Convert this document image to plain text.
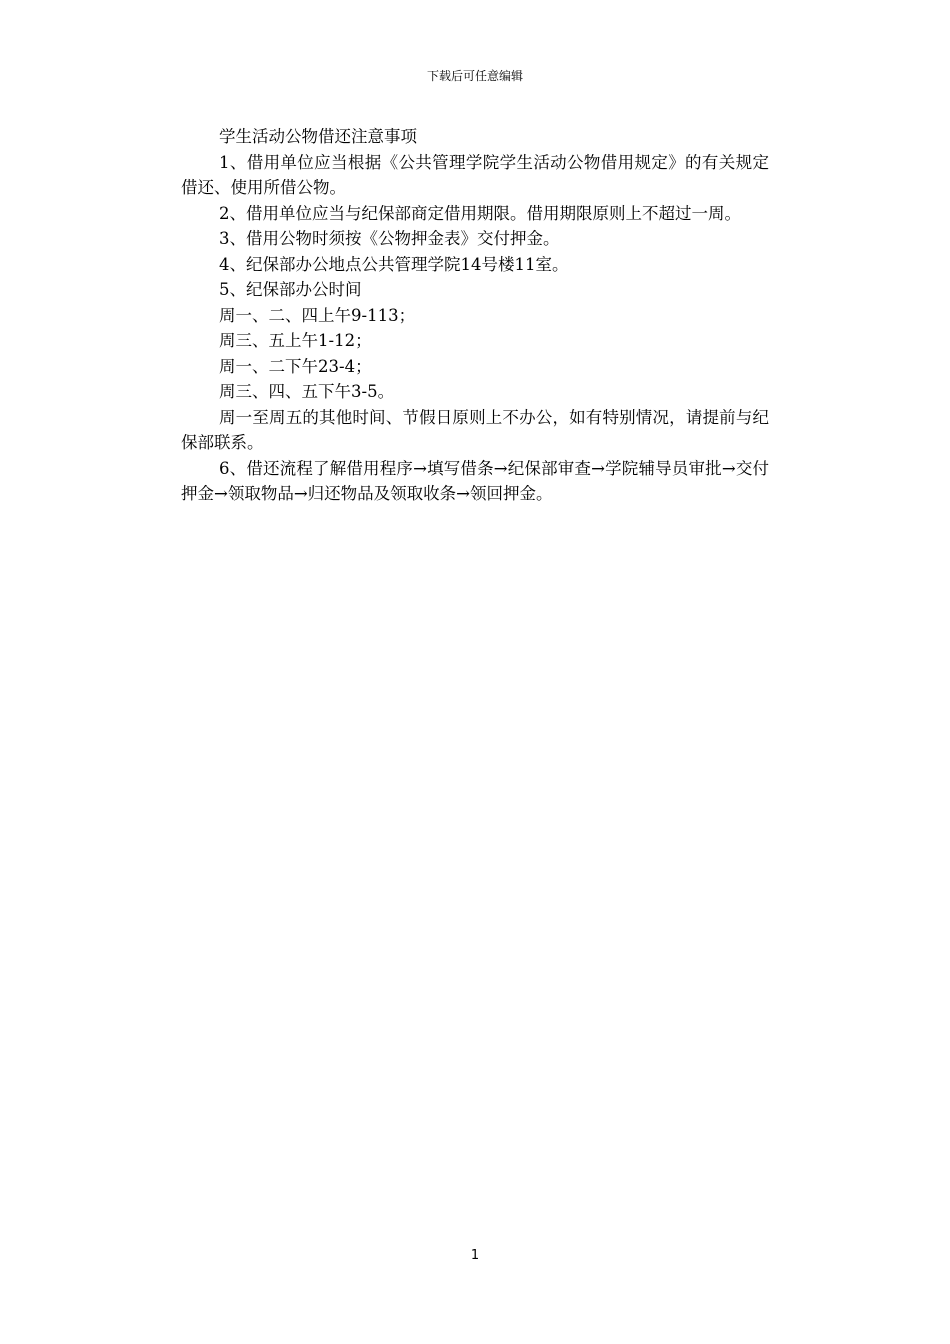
下载后可任意编辑

学生活动公物借还注意事项

1、借用单位应当根据《公共管理学院学生活动公物借用规定》的有关规定借还、使用所借公物。

2、借用单位应当与纪保部商定借用期限。借用期限原则上不超过一周。

3、借用公物时须按《公物押金表》交付押金。

4、纪保部办公地点公共管理学院14号楼11室。

5、纪保部办公时间

周一、二、四上午9-113；

周三、五上午1-12；

周一、二下午23-4；

周三、四、五下午3-5。

周一至周五的其他时间、节假日原则上不办公，如有特别情况，请提前与纪保部联系。

6、借还流程了解借用程序→填写借条→纪保部审查→学院辅导员审批→交付押金→领取物品→归还物品及领取收条→领回押金。

1
